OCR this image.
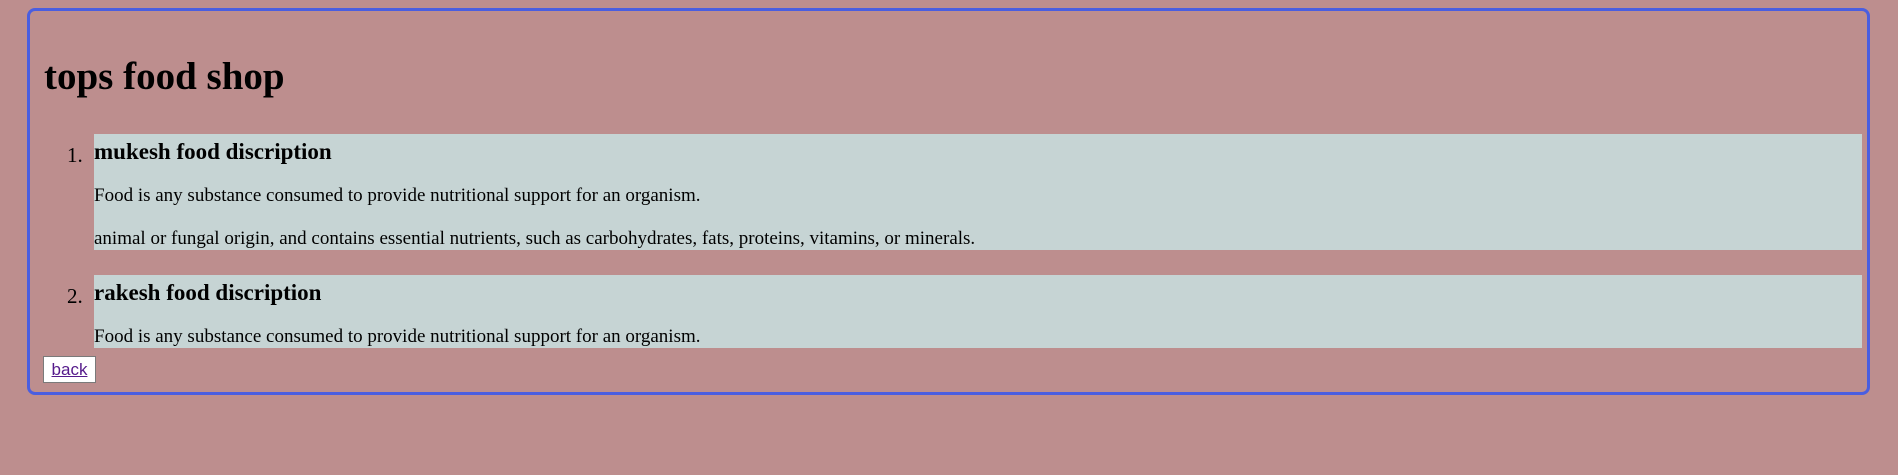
tops food shop
1. mukesh food discription

Food is any substance consumed to provide nutritional support for an organism.

animal or fungal origin, and contains essential nutrients, such as carbohydrates, fats, proteins, vitamins, or minerals.

2. rakesh food discription

Food is any substance consumed to provide nutritional support for an organism.

back
